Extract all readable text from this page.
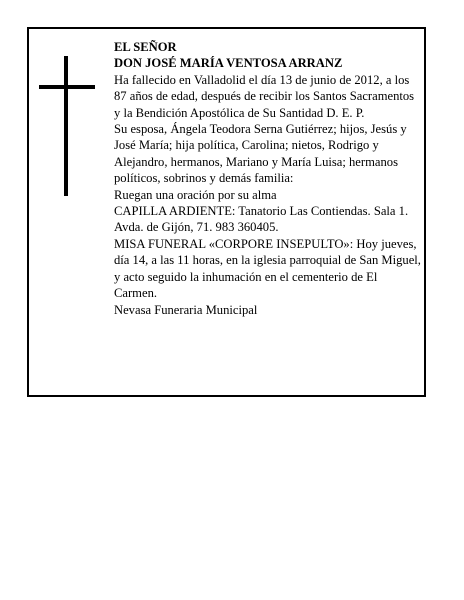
EL SEÑOR

DON JOSÉ MARÍA VENTOSA ARRANZ

Ha fallecido en Valladolid el día 13 de junio de 2012, a los 87 años de edad, después de recibir los Santos Sacramentos y la Bendición Apostólica de Su Santidad D. E. P.

Su esposa, Ángela Teodora Serna Gutiérrez; hijos, Jesús y José María; hija política, Carolina; nietos, Rodrigo y Alejandro, hermanos, Mariano y María Luisa; hermanos políticos, sobrinos y demás familia:

Ruegan una oración por su alma

CAPILLA ARDIENTE: Tanatorio Las Contiendas. Sala 1. Avda. de Gijón, 71. 983 360405.

MISA FUNERAL «CORPORE INSEPULTO»: Hoy jueves, día 14, a las 11 horas, en la iglesia parroquial de San Miguel, y acto seguido la inhumación en el cementerio de El Carmen.

Nevasa Funeraria Municipal
